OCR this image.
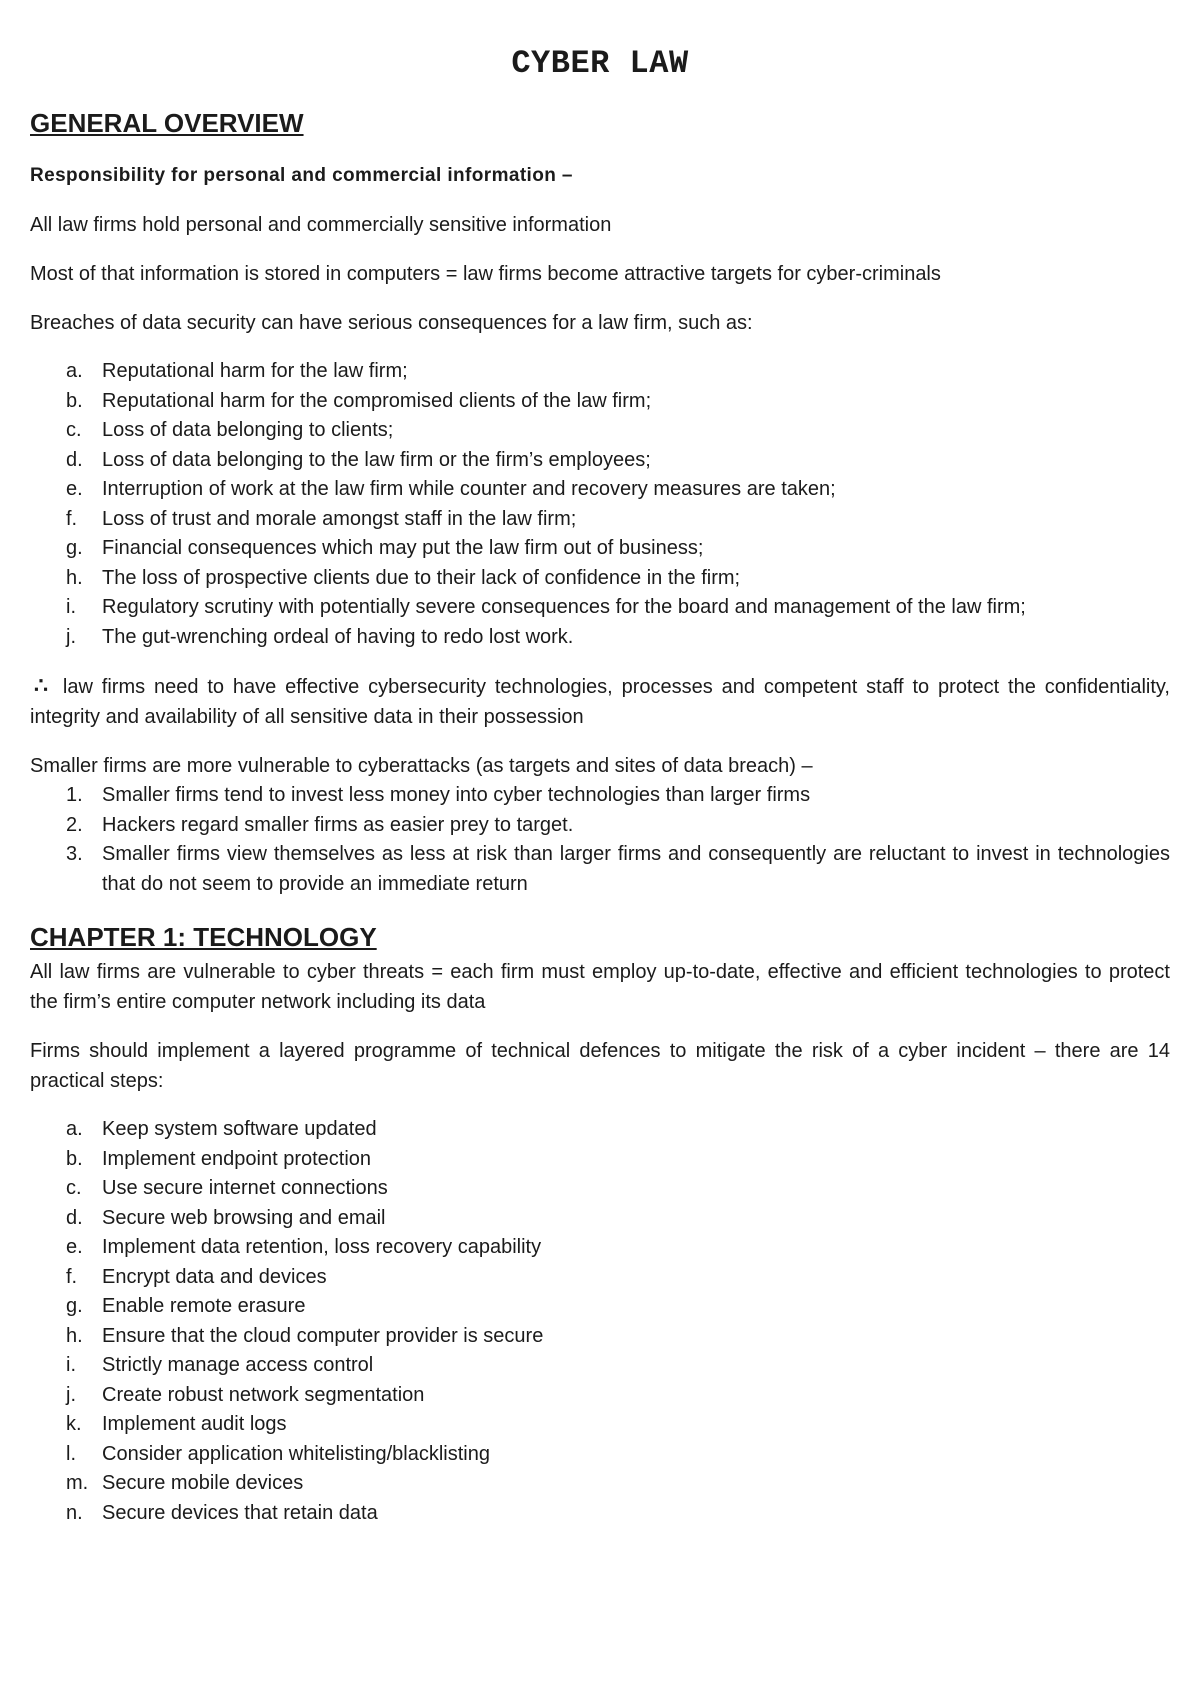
CYBER LAW
GENERAL OVERVIEW

Responsibility for personal and commercial information –

All law firms hold personal and commercially sensitive information

Most of that information is stored in computers = law firms become attractive targets for cyber-criminals

Breaches of data security can have serious consequences for a law firm, such as:

a. Reputational harm for the law firm;
b. Reputational harm for the compromised clients of the law firm;
c.	Loss of data belonging to clients;
d. Loss of data belonging to the law firm or the firm’s employees;
e. Interruption of work at the law firm while counter and recovery measures are taken;
f.	Loss of trust and morale amongst staff in the law firm;
g. Financial consequences which may put the law firm out of business;
h. The loss of prospective clients due to their lack of confidence in the firm;
i.	Regulatory scrutiny with potentially severe consequences for the board and management of the law firm;
j.	The gut-wrenching ordeal of having to redo lost work.

∴ law firms need to have effective cybersecurity technologies, processes and competent staff to protect the confidentiality, integrity and availability of all sensitive data in their possession

Smaller firms are more vulnerable to cyberattacks (as targets and sites of data breach) –

1. Smaller firms tend to invest less money into cyber technologies than larger firms
2. Hackers regard smaller firms as easier prey to target.
3. Smaller firms view themselves as less at risk than larger firms and consequently are reluctant to invest in technologies that do not seem to provide an immediate return
CHAPTER 1: TECHNOLOGY

All law firms are vulnerable to cyber threats = each firm must employ up-to-date, effective and efficient technologies to protect the firm’s entire computer network including its data

Firms should implement a layered programme of technical defences to mitigate the risk of a cyber incident – there are 14 practical steps:

a. Keep system software updated
b. Implement endpoint protection
c.	Use secure internet connections
d. Secure web browsing and email
e. Implement data retention, loss recovery capability
f.	Encrypt data and devices
g. Enable remote erasure
h. Ensure that the cloud computer provider is secure
i.	Strictly manage access control
j.	Create robust network segmentation
k.	Implement audit logs
l.	Consider application whitelisting/blacklisting
m. Secure mobile devices
n. Secure devices that retain data
